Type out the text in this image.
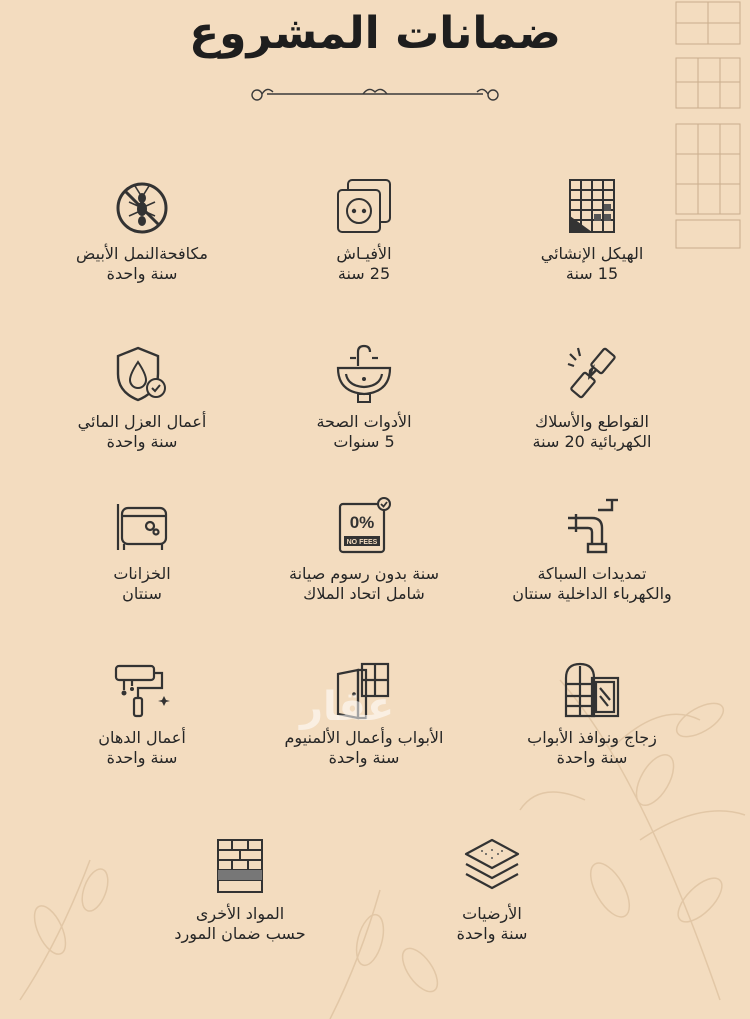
ضمانات المشروع
الهيكل الإنشائي
15 سنة
الأفيـاش
25 سنة
مكافحةالنمل الأبيض
سنة واحدة
القواطع والأسلاك
الكهربائية 20 سنة
الأدوات الصحة
5 سنوات
أعمال العزل المائي
سنة واحدة
تمديدات السباكة
والكهرباء الداخلية سنتان
0%
NO FEES
سنة بدون رسوم صيانة
شامل اتحاد الملاك
الخزانات
سنتان
زجاج ونوافذ الأبواب
سنة واحدة
الأبواب وأعمال الألمنيوم
سنة واحدة
أعمال الدهان
سنة واحدة
الأرضيات
سنة واحدة
المواد الأخرى
حسب ضمان المورد
عقار
